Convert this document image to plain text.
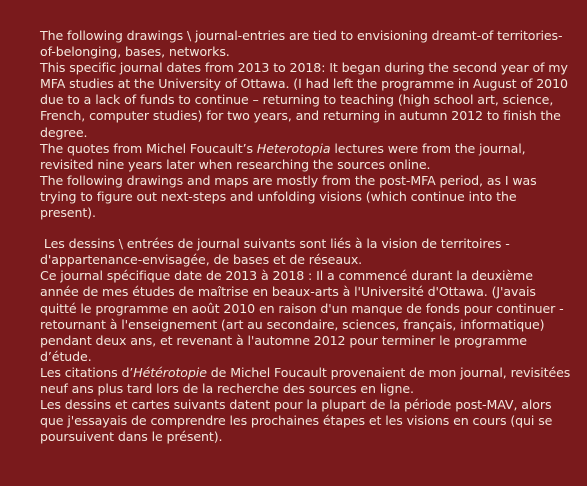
The following drawings \ journal-entries are tied to envisioning dreamt-of territories-of-belonging, bases, networks.

This specific journal dates from 2013 to 2018: It began during the second year of my MFA studies at the University of Ottawa. (I had left the programme in August of 2010 due to a lack of funds to continue – returning to teaching (high school art, science, French, computer studies) for two years, and returning in autumn 2012 to finish the degree.

The quotes from Michel Foucault’s Heterotopia lectures were from the journal, revisited nine years later when researching the sources online.

The following drawings and maps are mostly from the post-MFA period, as I was trying to figure out next-steps and unfolding visions (which continue into the present).

Les dessins \ entrées de journal suivants sont liés à la vision de territoires - d'appartenance-envisagée, de bases et de réseaux.

Ce journal spécifique date de 2013 à 2018 : Il a commencé durant la deuxième année de mes études de maîtrise en beaux-arts à l'Université d'Ottawa. (J'avais quitté le programme en août 2010 en raison d'un manque de fonds pour continuer - retournant à l'enseignement (art au secondaire, sciences, français, informatique) pendant deux ans, et revenant à l'automne 2012 pour terminer le programme d’étude.

Les citations d’Hétérotopie de Michel Foucault provenaient de mon journal, revisitées neuf ans plus tard lors de la recherche des sources en ligne.

Les dessins et cartes suivants datent pour la plupart de la période post-MAV, alors que j'essayais de comprendre les prochaines étapes et les visions en cours (qui se poursuivent dans le présent).
